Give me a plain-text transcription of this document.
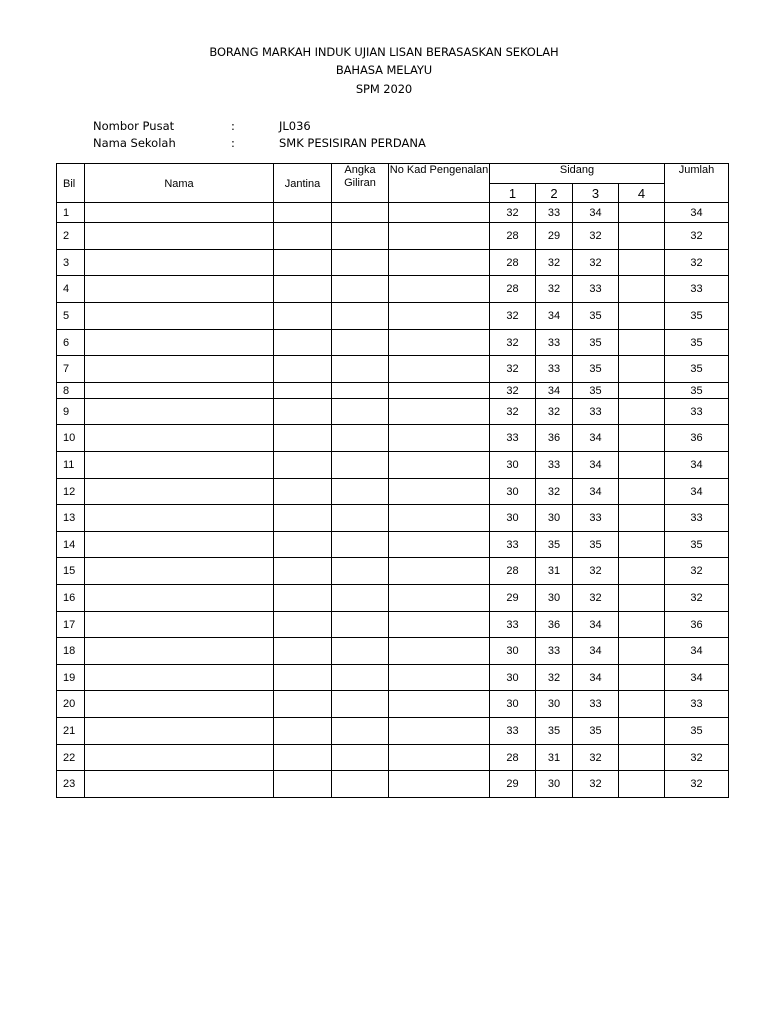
BORANG MARKAH INDUK UJIAN LISAN BERASASKAN SEKOLAH
BAHASA MELAYU
SPM 2020
Nombor Pusat	:	JL036
Nama Sekolah	:	SMK PESISIRAN PERDANA
Bil	Nama	Jantina	Angka Giliran	No Kad Pengenalan	Sidang				Jumlah
					1	2	3	4	
1					32	33	34		34
2					28	29	32		32
3					28	32	32		32
4					28	32	33		33
5					32	34	35		35
6					32	33	35		35
7					32	33	35		35
8					32	34	35		35
9					32	32	33		33
10					33	36	34		36
11					30	33	34		34
12					30	32	34		34
13					30	30	33		33
14					33	35	35		35
15					28	31	32		32
16					29	30	32		32
17					33	36	34		36
18					30	33	34		34
19					30	32	34		34
20					30	30	33		33
21					33	35	35		35
22					28	31	32		32
23					29	30	32		32
